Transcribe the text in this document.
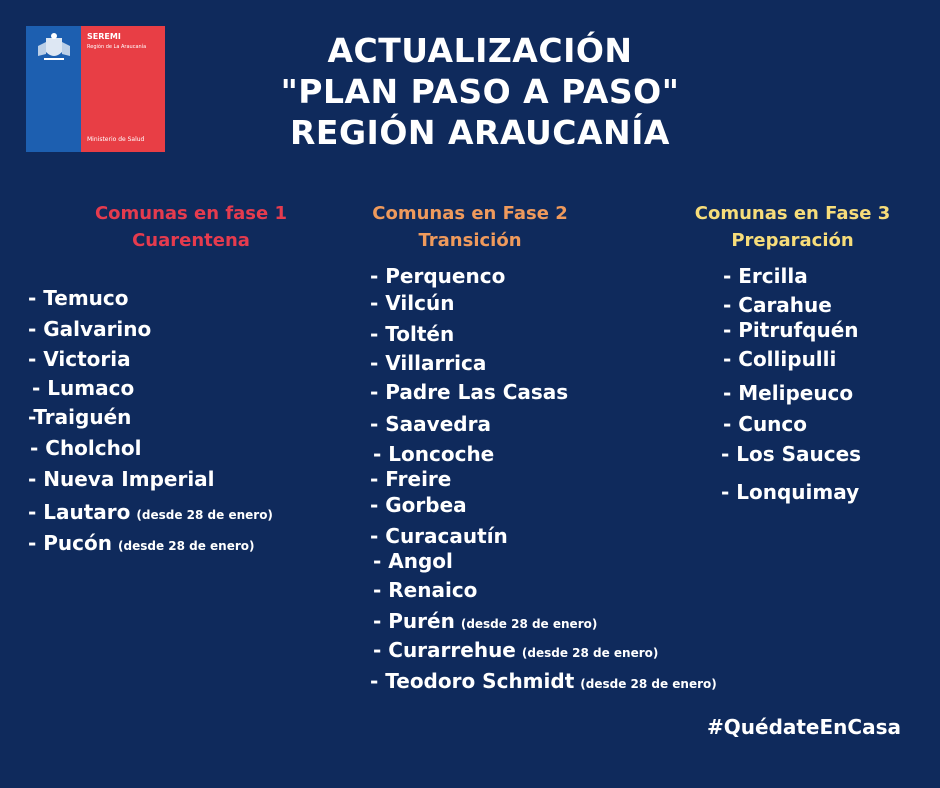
SEREMI
Región de La Araucanía
Ministerio de Salud
ACTUALIZACIÓN
"PLAN PASO A PASO"
REGIÓN ARAUCANÍA
Comunas en fase 1
Cuarentena
Comunas en Fase 2
Transición
Comunas en Fase 3
Preparación
- Temuco
- Galvarino
- Victoria
- Lumaco
-Traiguén
- Cholchol
- Nueva Imperial
- Lautaro (desde 28 de enero)
- Pucón (desde 28 de enero)
- Perquenco
- Vilcún
- Toltén
- Villarrica
- Padre Las Casas
- Saavedra
- Loncoche
- Freire
- Gorbea
- Curacautín
- Angol
- Renaico
- Purén (desde 28 de enero)
- Curarrehue (desde 28 de enero)
- Teodoro Schmidt (desde 28 de enero)
- Ercilla
- Carahue
- Pitrufquén
- Collipulli
- Melipeuco
- Cunco
- Los Sauces
- Lonquimay
#QuédateEnCasa
